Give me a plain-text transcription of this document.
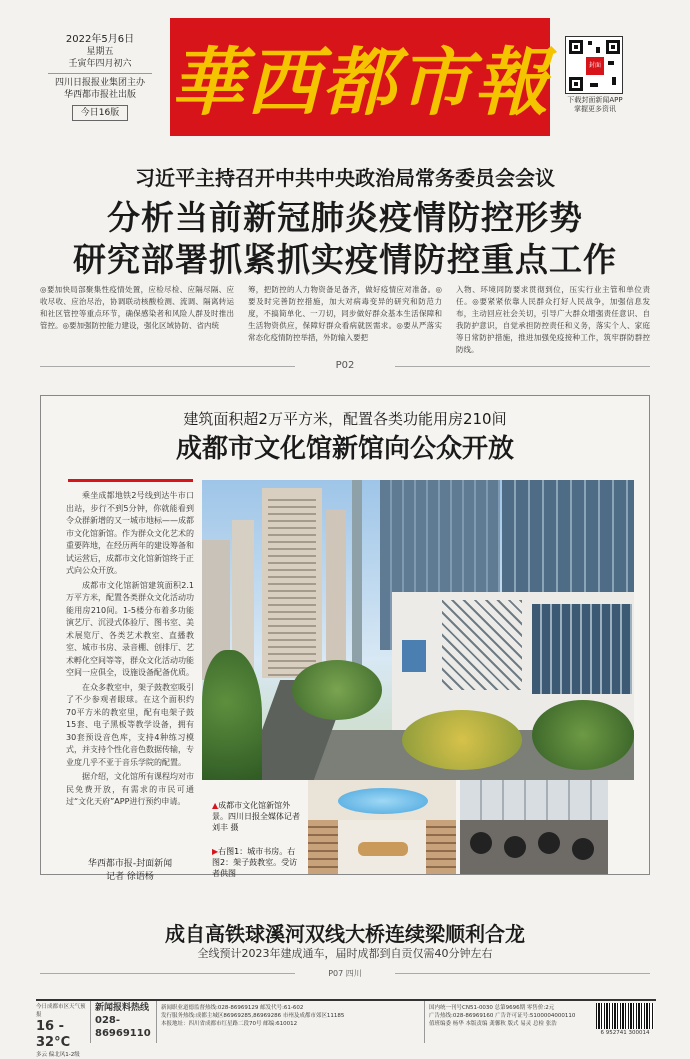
2022年5月6日
星期五
壬寅年四月初六
四川日报报业集团主办
华西都市报社出版
今日16版 華西都市報	封面
下载封面新闻APP
掌握更多资讯
习近平主持召开中共中央政治局常务委员会会议
分析当前新冠肺炎疫情防控形势
研究部署抓紧抓实疫情防控重点工作
◎要加快局部聚集性疫情处置，应检尽检、应隔尽隔、应收尽收、应治尽治，协调联动核酸检测、流调、隔离转运和社区管控等重点环节，确保感染者和风险人群及时推出管控。◎要加强防控能力建设，强化区域协防、省内统
筹，把防控的人力物资备足备齐，做好疫情应对准备。◎要及时完善防控措施，加大对病毒变异的研究和防范力度，不搞简单化、一刀切，同步做好群众基本生活保障和生活物资供应，保障好群众看病就医需求。◎要从严落实常态化疫情防控举措，外防输入要把
入物、环境同防要求贯彻到位，压实行业主管和单位责任。◎要紧紧依靠人民群众打好人民战争，加强信息发布，主动回应社会关切，引导广大群众增强责任意识、自我防护意识，自觉承担防控责任和义务，落实个人、家庭等日常防护措施，推进加强免疫接种工作，筑牢群防群控防线。
P02
建筑面积超2万平方米，配置各类功能用房210间
成都市文化馆新馆向公众开放

乘坐成都地铁2号线到达牛市口出站，步行不到5分钟，你就能看到令众群新增的又一城市地标——成都市文化馆新馆。作为群众文化艺术的重要阵地，在经历两年的建设筹备和试运营后，成都市文化馆新馆终于正式向公众开放。

成都市文化馆新馆建筑面积2.1万平方米，配置各类群众文化活动功能用房210间。1-5楼分布着多功能演艺厅、沉浸式体验厅、图书室、美术展览厅、各类艺术教室、直播教室、城市书房、录音棚、创排厅、艺术孵化空间等等，群众文化活动功能空间一应俱全，设施设备配备优质。

在众多教室中，架子鼓教室吸引了不少参观者眼球。在这个面积约70平方米的教室里，配有电架子鼓15套、电子黑板等教学设备，拥有30套预设音色库，支持4种练习模式，并支持个性化音色数据传输，专业度几乎不亚于音乐学院的配置。

据介绍，文化馆所有课程均对市民免费开放，有需求的市民可通过“文化天府”APP进行预约申请。

华西都市报-封面新闻
记者 徐语杨
▲成都市文化馆新馆外景。四川日报全媒体记者 刘丰 摄
▶右图1：城市书房。右图2：架子鼓教室。受访者供图
成自高铁球溪河双线大桥连续梁顺利合龙
全线预计2023年建成通车，届时成都到自贡仅需40分钟左右
P07 四川
今日成都市区天气预报
16 - 32°C
多云 偏北风1-2级
新闻报料热线
028-86969110
新闻职业道德监督热线:028-86969129 邮发代号:61-602
发行服务热线:成都主城区86969285,86969286 市州及成都市郊区11185
本报地址：四川省成都市红星路二段70号 邮编:610012
国内统一刊号CN51-0030 总第9696期 零售价:2元
广告热线:028-86969160 广告许可证号:5100004000110
值班编委 杨华 本版责编 龚馨秋 版式 易灵 总检 张浩
6 952741 300014
